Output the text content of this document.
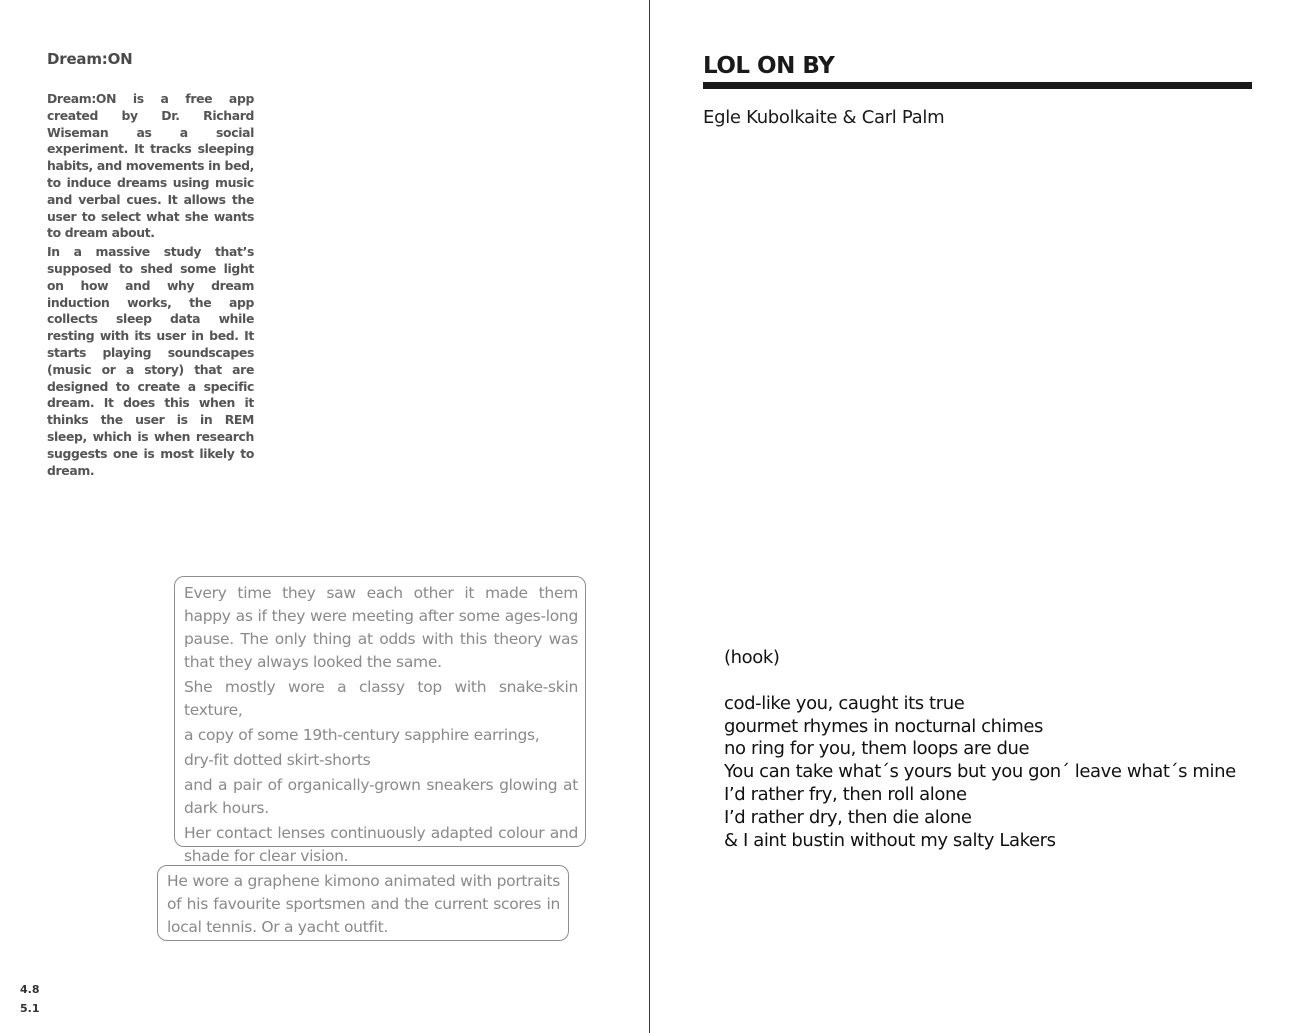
Dream:ON

Dream:ON is a free app created by Dr. Richard Wiseman as a social experiment. It tracks sleeping habits, and movements in bed, to induce dreams using music and verbal cues. It allows the user to select what she wants to dream about.

In a massive study that’s supposed to shed some light on how and why dream induction works, the app collects sleep data while resting with its user in bed. It starts playing soundscapes (music or a story) that are designed to create a specific dream. It does this when it thinks the user is in REM sleep, which is when research suggests one is most likely to dream.

Every time they saw each other it made them happy as if they were meeting after some ages-long pause. The only thing at odds with this theory was that they always looked the same.

She mostly wore a classy top with snake-skin texture,

a copy of some 19th-century sapphire earrings,

dry-fit dotted skirt-shorts

and a pair of organically-grown sneakers glowing at dark hours.

Her contact lenses continuously adapted colour and shade for clear vision.

He wore a graphene kimono animated with portraits of his favourite sportsmen and the current scores in local tennis. Or a yacht outfit.

4.8
5.1
LOL ON BY
Egle Kubolkaite & Carl Palm
(hook)
cod-like you, caught its true
gourmet rhymes in nocturnal chimes
no ring for you, them loops are due
You can take what´s yours but you gon´ leave what´s mine
I’d rather fry, then roll alone
I’d rather dry, then die alone
& I aint bustin without my salty Lakers
